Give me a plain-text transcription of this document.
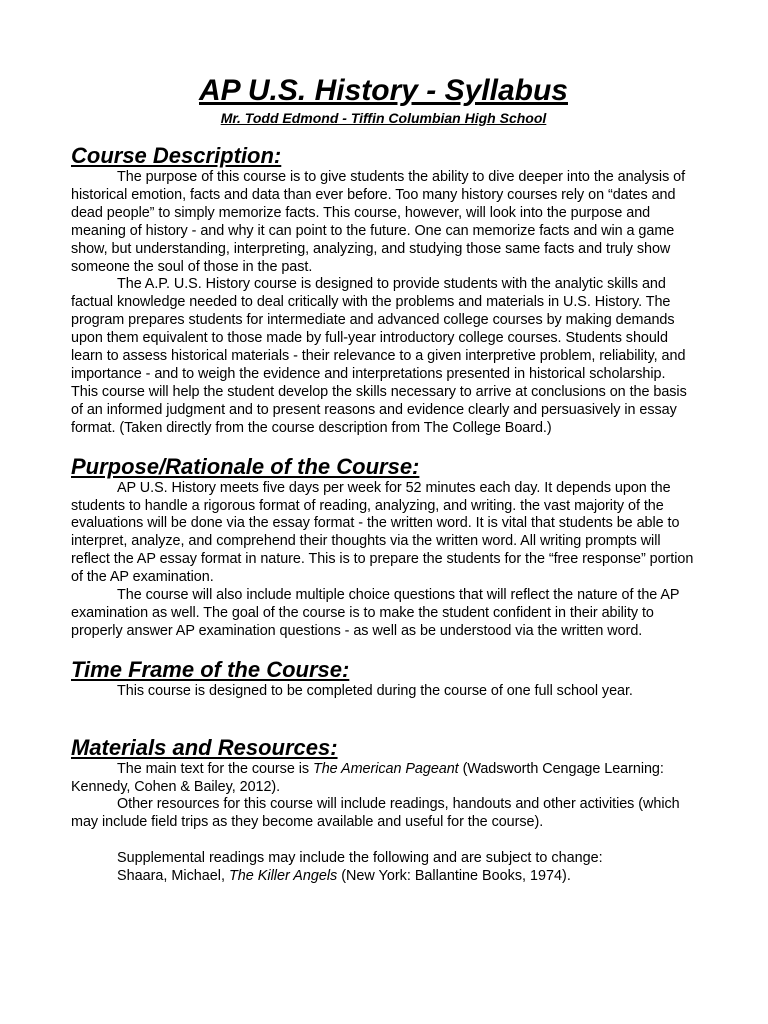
AP U.S. History - Syllabus

Mr. Todd Edmond - Tiffin Columbian High School

Course Description:

The purpose of this course is to give students the ability to dive deeper into the analysis of historical emotion, facts and data than ever before. Too many history courses rely on “dates and dead people” to simply memorize facts. This course, however, will look into the purpose and meaning of history - and why it can point to the future. One can memorize facts and win a game show, but understanding, interpreting, analyzing, and studying those same facts and truly show someone the soul of those in the past.

The A.P. U.S. History course is designed to provide students with the analytic skills and factual knowledge needed to deal critically with the problems and materials in U.S. History. The program prepares students for intermediate and advanced college courses by making demands upon them equivalent to those made by full-year introductory college courses. Students should learn to assess historical materials - their relevance to a given interpretive problem, reliability, and importance - and to weigh the evidence and interpretations presented in historical scholarship. This course will help the student develop the skills necessary to arrive at conclusions on the basis of an informed judgment and to present reasons and evidence clearly and persuasively in essay format. (Taken directly from the course description from The College Board.)

Purpose/Rationale of the Course:

AP U.S. History meets five days per week for 52 minutes each day. It depends upon the students to handle a rigorous format of reading, analyzing, and writing. the vast majority of the evaluations will be done via the essay format - the written word. It is vital that students be able to interpret, analyze, and comprehend their thoughts via the written word. All writing prompts will reflect the AP essay format in nature. This is to prepare the students for the “free response” portion of the AP examination.

The course will also include multiple choice questions that will reflect the nature of the AP examination as well. The goal of the course is to make the student confident in their ability to properly answer AP examination questions - as well as be understood via the written word.

Time Frame of the Course:

This course is designed to be completed during the course of one full school year.

Materials and Resources:

The main text for the course is The American Pageant (Wadsworth Cengage Learning: Kennedy, Cohen & Bailey, 2012).

Other resources for this course will include readings, handouts and other activities (which may include field trips as they become available and useful for the course).

Supplemental readings may include the following and are subject to change:

Shaara, Michael, The Killer Angels (New York: Ballantine Books, 1974).
